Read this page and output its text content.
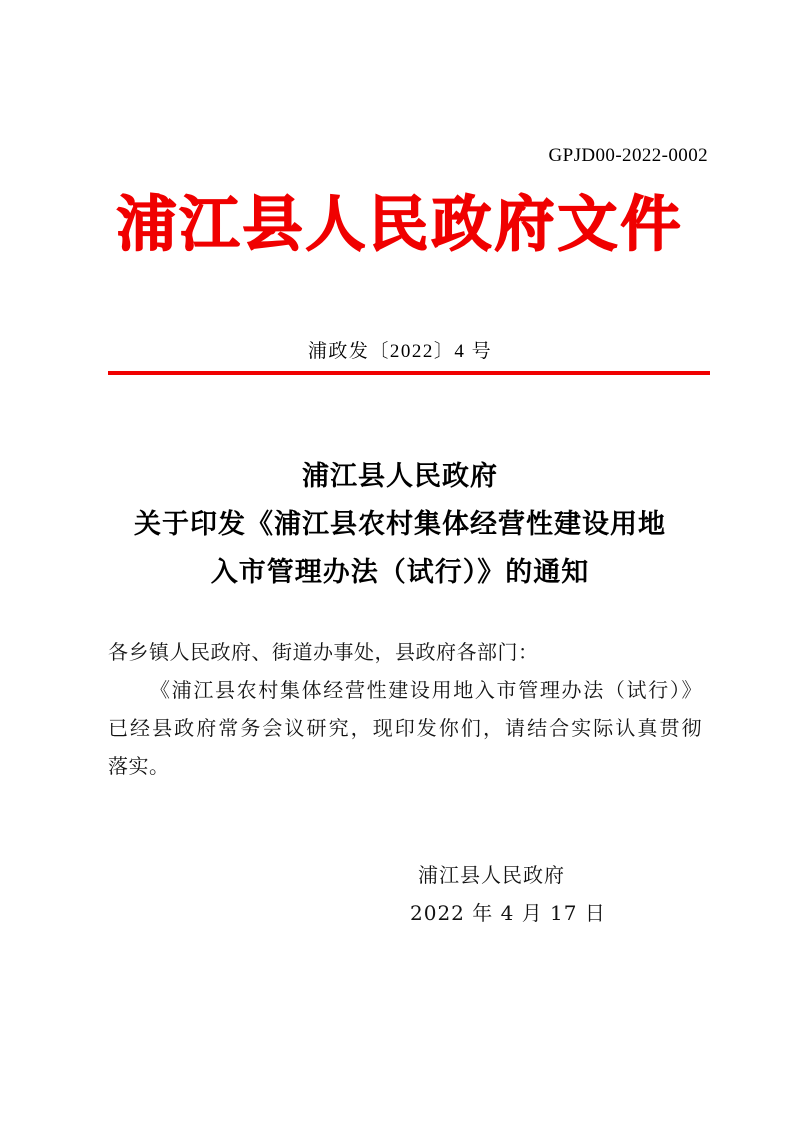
GPJD00-2022-0002
浦江县人民政府文件
浦政发〔2022〕4 号
浦江县人民政府
关于印发《浦江县农村集体经营性建设用地
入市管理办法（试行）》的通知
各乡镇人民政府、街道办事处，县政府各部门：
《浦江县农村集体经营性建设用地入市管理办法（试行）》
已经县政府常务会议研究，现印发你们，请结合实际认真贯彻
落实。
浦江县人民政府
2022 年 4 月 17 日
